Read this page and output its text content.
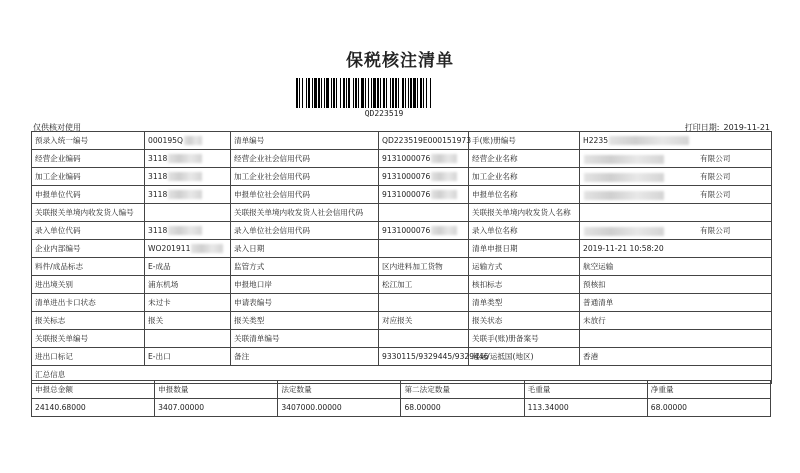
保税核注清单
QD223519
仅供核对使用	打印日期: 2019-11-21
预录入统一编号	000195Q	清单编号	QD223519E000151973	手(账)册编号	H2235
经营企业编码	3118	经营企业社会信用代码	9131000076	经营企业名称	有限公司
加工企业编码	3118	加工企业社会信用代码	9131000076	加工企业名称	有限公司
申报单位代码	3118	申报单位社会信用代码	9131000076	申报单位名称	有限公司
关联报关单境内收发货人编号		关联报关单境内收发货人社会信用代码		关联报关单境内收发货人名称	
录入单位代码	3118	录入单位社会信用代码	9131000076	录入单位名称	有限公司
企业内部编号	WO201911	录入日期		清单申报日期	2019-11-21 10:58:20
料件/成品标志	E-成品	监管方式	区内进料加工货物	运输方式	航空运输
进出境关别	浦东机场	申报地口岸	松江加工	核扣标志	预核扣
清单进出卡口状态	未过卡	申请表编号		清单类型	普通清单
报关标志	报关	报关类型	对应报关	报关状态	未放行
关联报关单编号		关联清单编号		关联手(账)册备案号	
进出口标记	E-出口	备注	9330115/9329445/9329446	起运/运抵国(地区)	香港
汇总信息					
申报总金额	申报数量	法定数量	第二法定数量	毛重量	净重量
24140.68000	3407.00000	3407000.00000	68.00000	113.34000	68.00000
